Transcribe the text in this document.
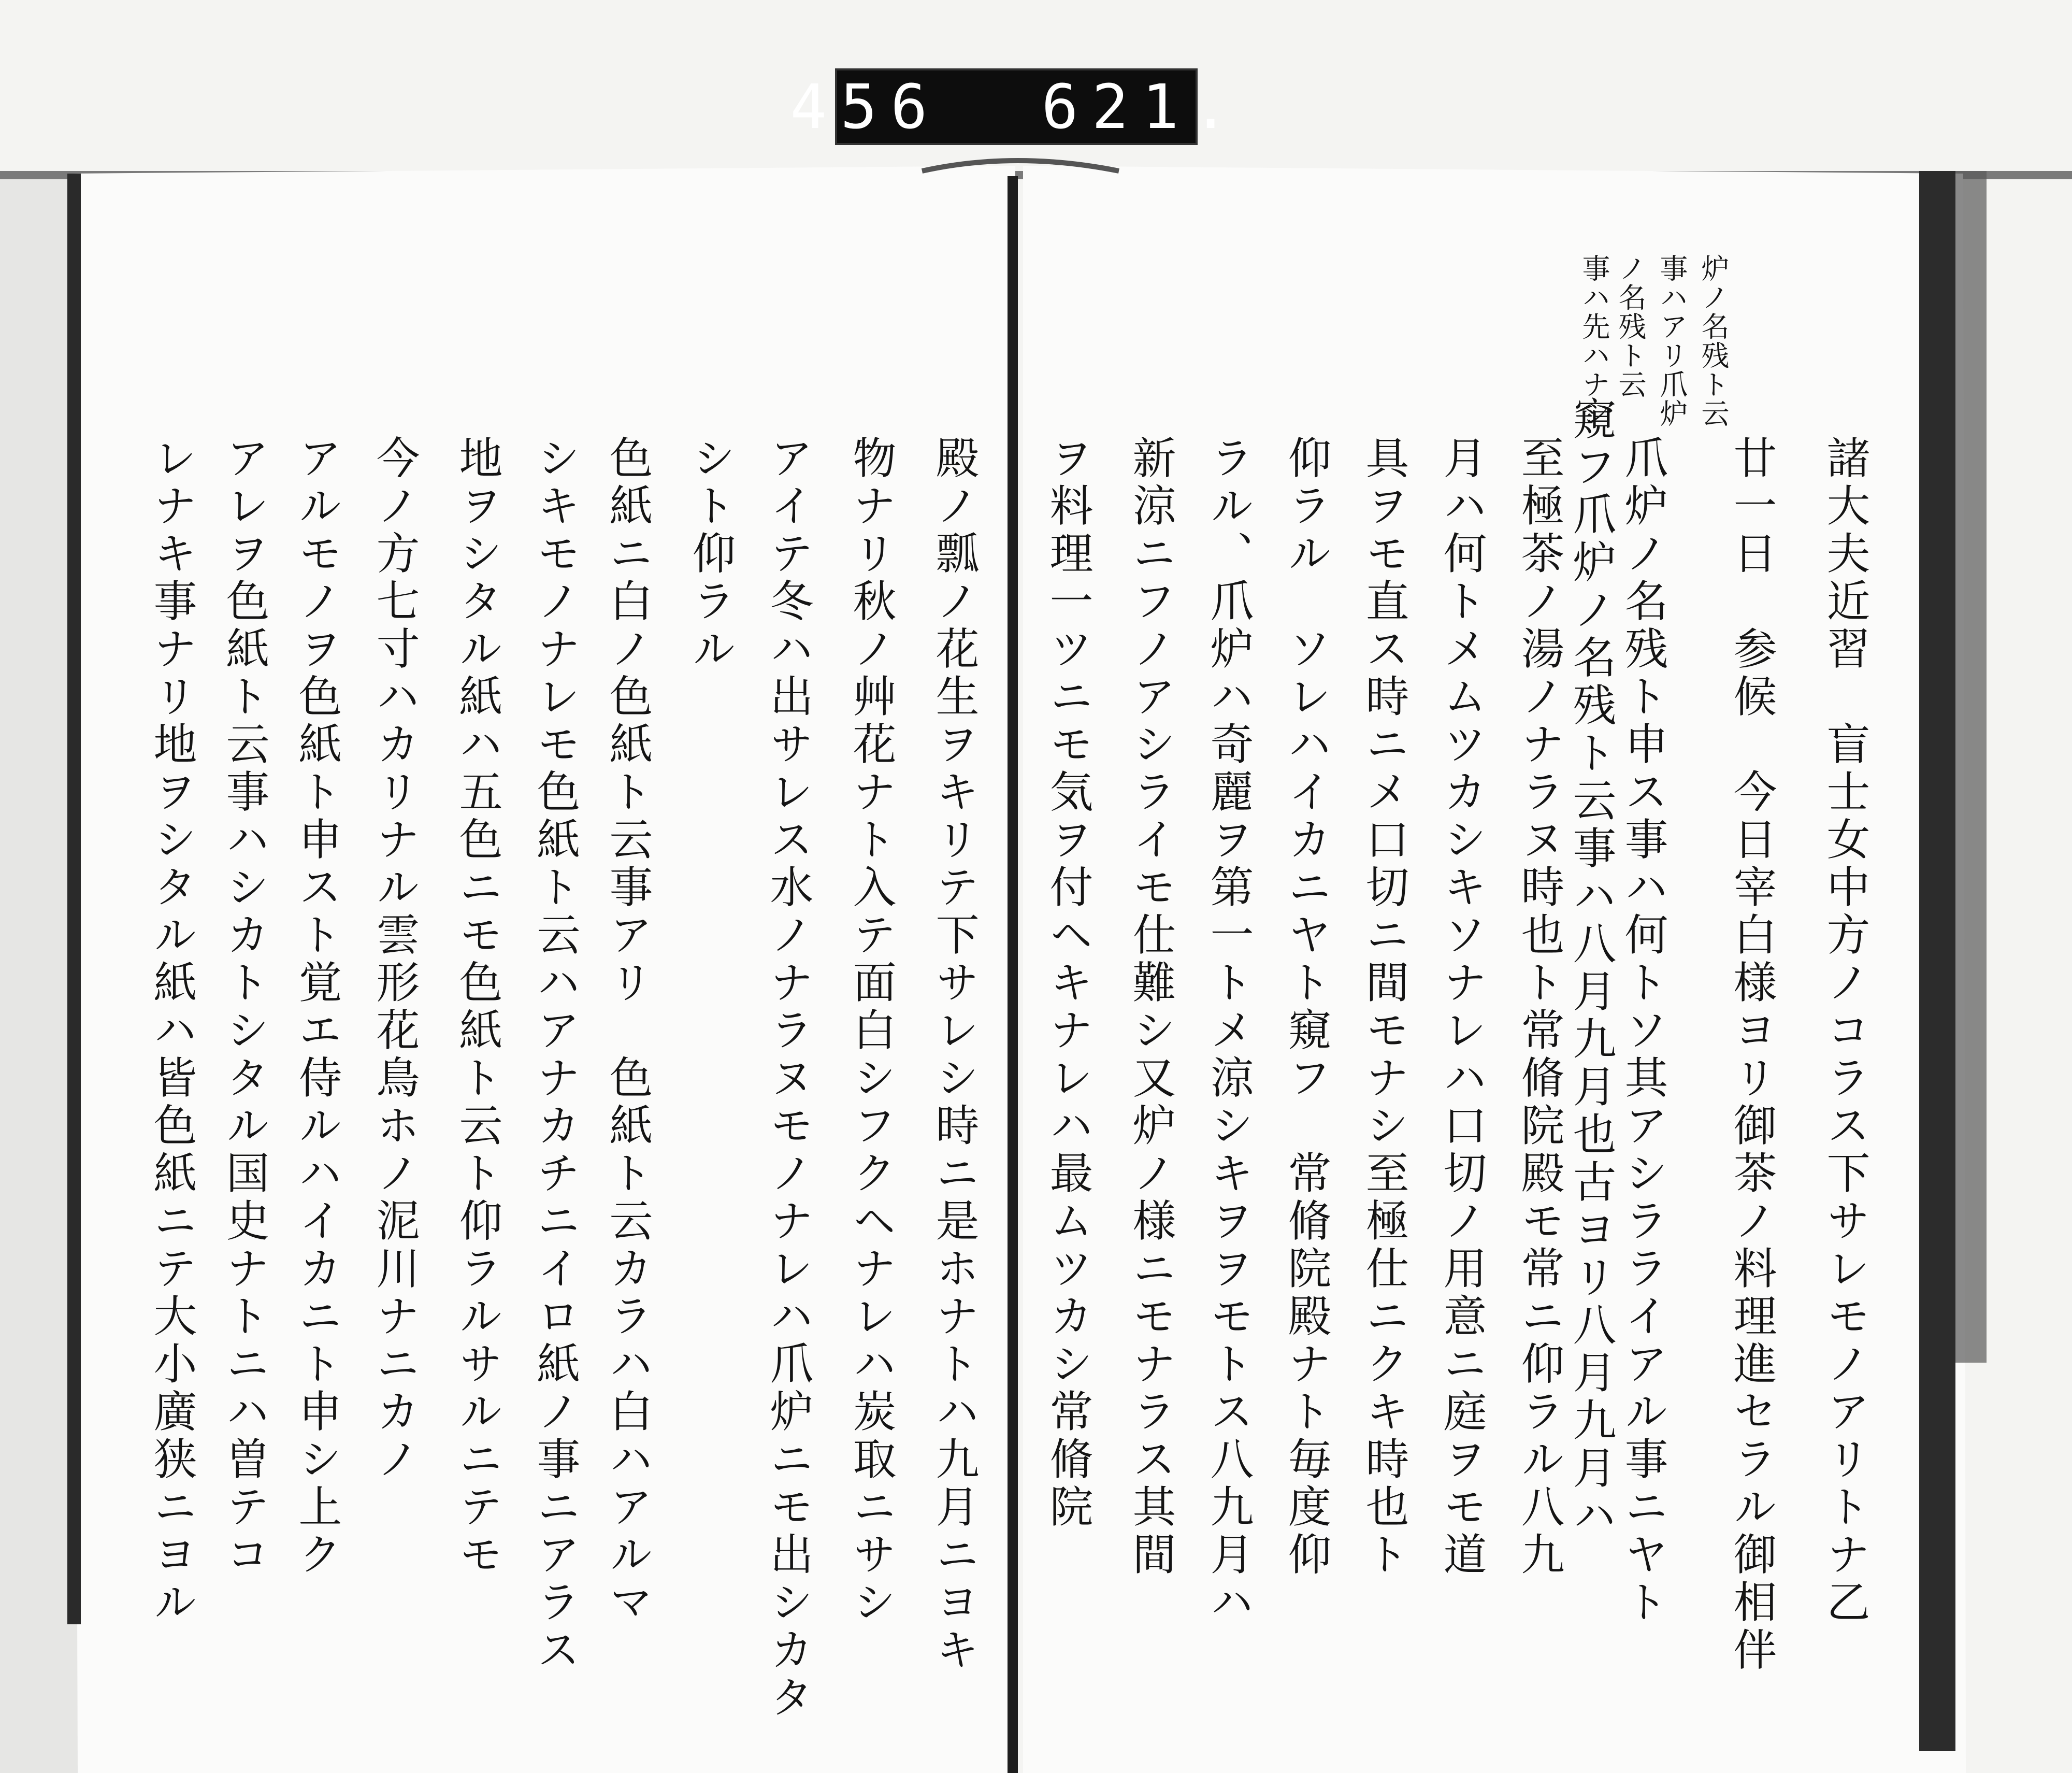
456  621.
諸大夫近習　盲士女中方ノコラス下サレモノアリトナ乙
廿一日　参候　今日宰白様ヨリ御茶ノ料理進セラル御相伴
爪炉ノ名残ト申ス事ハ何トソ其アシラライアル事ニヤト
窺フ爪炉ノ名残ト云事ハ八月九月也古ヨリ八月九月ハ
至極茶ノ湯ノナラヌ時也ト常脩院殿モ常ニ仰ラル八九
月ハ何トメムツカシキソナレハ口切ノ用意ニ庭ヲモ道
具ヲモ直ス時ニメ口切ニ間モナシ至極仕ニクキ時也ト
仰ラル　ソレハイカニヤト窺フ　常脩院殿ナト毎度仰
ラル、爪炉ハ奇麗ヲ第一トメ涼シキヲヲモトス八九月ハ
新涼ニフノアシライモ仕難シ又炉ノ様ニモナラス其間
ヲ料理一ツニモ気ヲ付ヘキナレハ最ムツカシ常脩院
炉ノ名残ト云
事ハアリ爪炉
ノ名残ト云
事ハ先ハナシ
殿ノ瓢ノ花生ヲキリテ下サレシ時ニ是ホナトハ九月ニヨキ
物ナリ秋ノ艸花ナト入テ面白シフクヘナレハ炭取ニサシ
アイテ冬ハ出サレス水ノナラヌモノナレハ爪炉ニモ出シカタ
シト仰ラル
色紙ニ白ノ色紙ト云事アリ　色紙ト云カラハ白ハアルマ
シキモノナレモ色紙ト云ハアナカチニイロ紙ノ事ニアラス
地ヲシタル紙ハ五色ニモ色紙ト云ト仰ラルサルニテモ
今ノ方七寸ハカリナル雲形花鳥ホノ泥川ナニカノ
アルモノヲ色紙ト申スト覚エ侍ルハイカニト申シ上ク
アレヲ色紙ト云事ハシカトシタル国史ナトニハ曽テコ
レナキ事ナリ地ヲシタル紙ハ皆色紙ニテ大小廣狭ニヨル
